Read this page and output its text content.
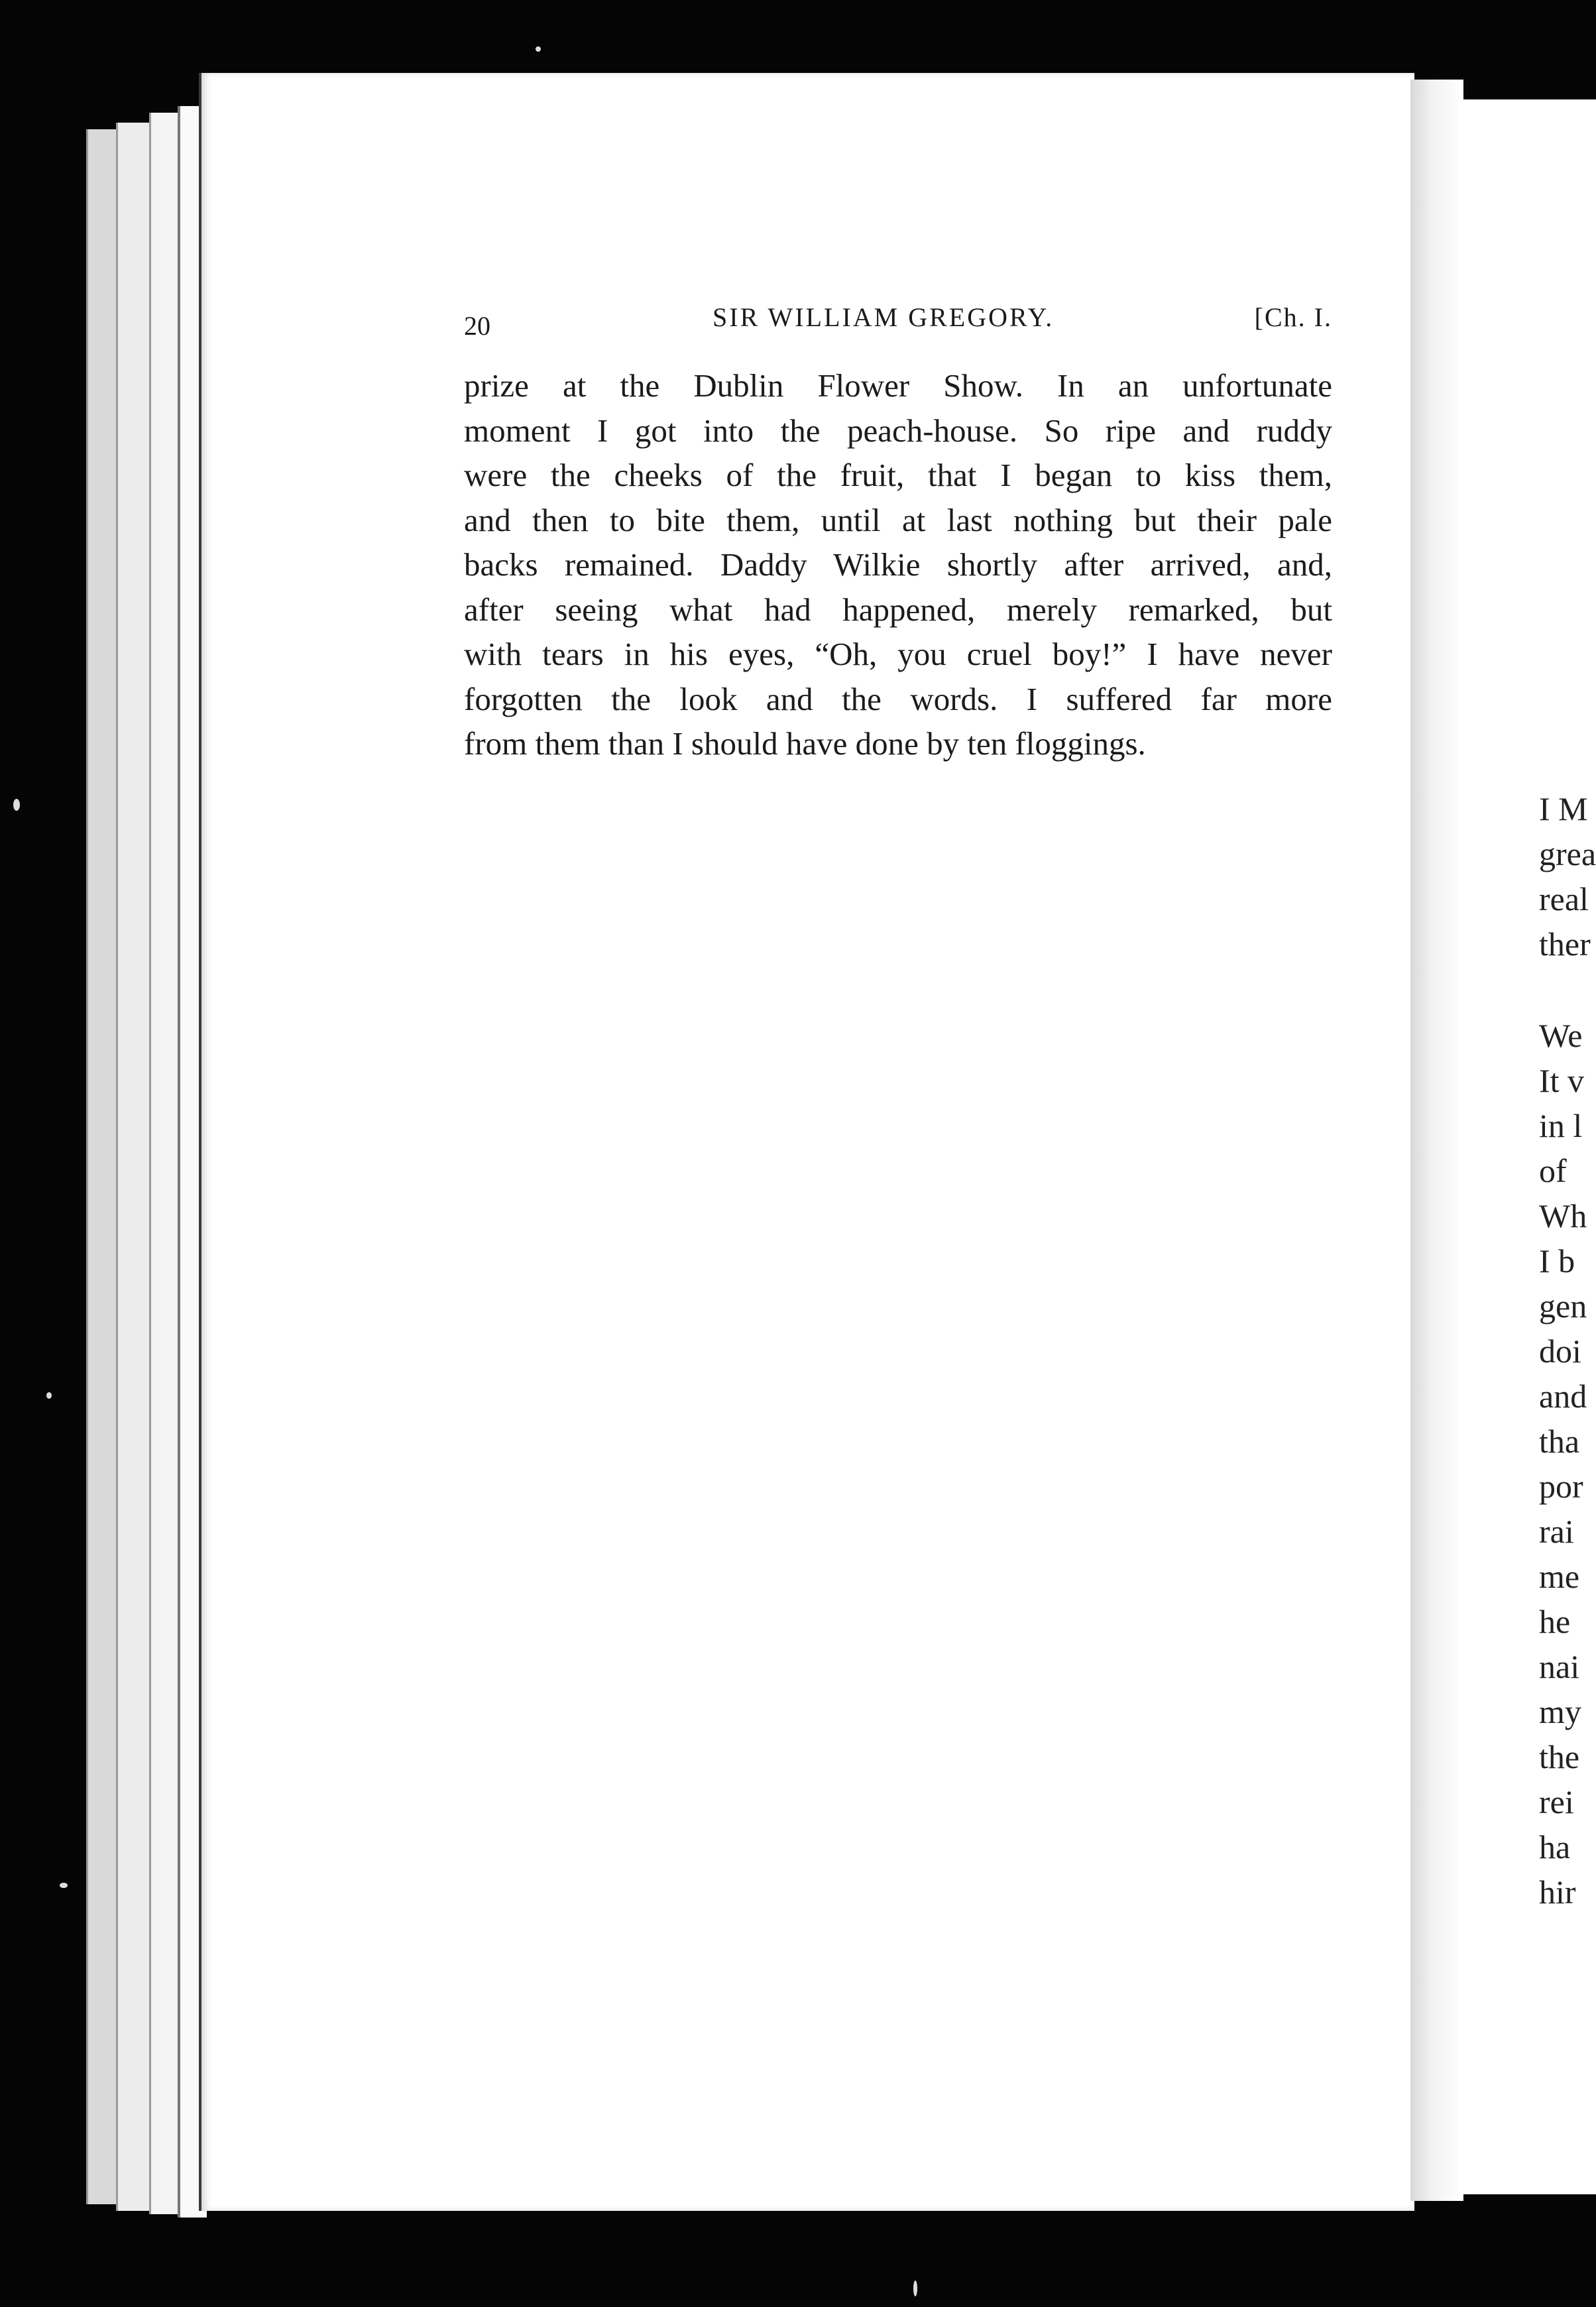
20	SIR WILLIAM GREGORY.	[Ch. I.
prize at the Dublin Flower Show. In an unfortunate
moment I got into the peach-house. So ripe and ruddy
were the cheeks of the fruit, that I began to kiss them,
and then to bite them, until at last nothing but their pale
backs remained. Daddy Wilkie shortly after arrived, and,
after seeing what had happened, merely remarked, but
with tears in his eyes, “Oh, you cruel boy!” I have never
forgotten the look and the words. I suffered far more
from them than I should have done by ten floggings.
I M
grea
real
ther
We
It v
in l
of
Wh
I b
gen
doi
and
tha
por
rai
me
he
nai
my
the
rei
ha
hir
